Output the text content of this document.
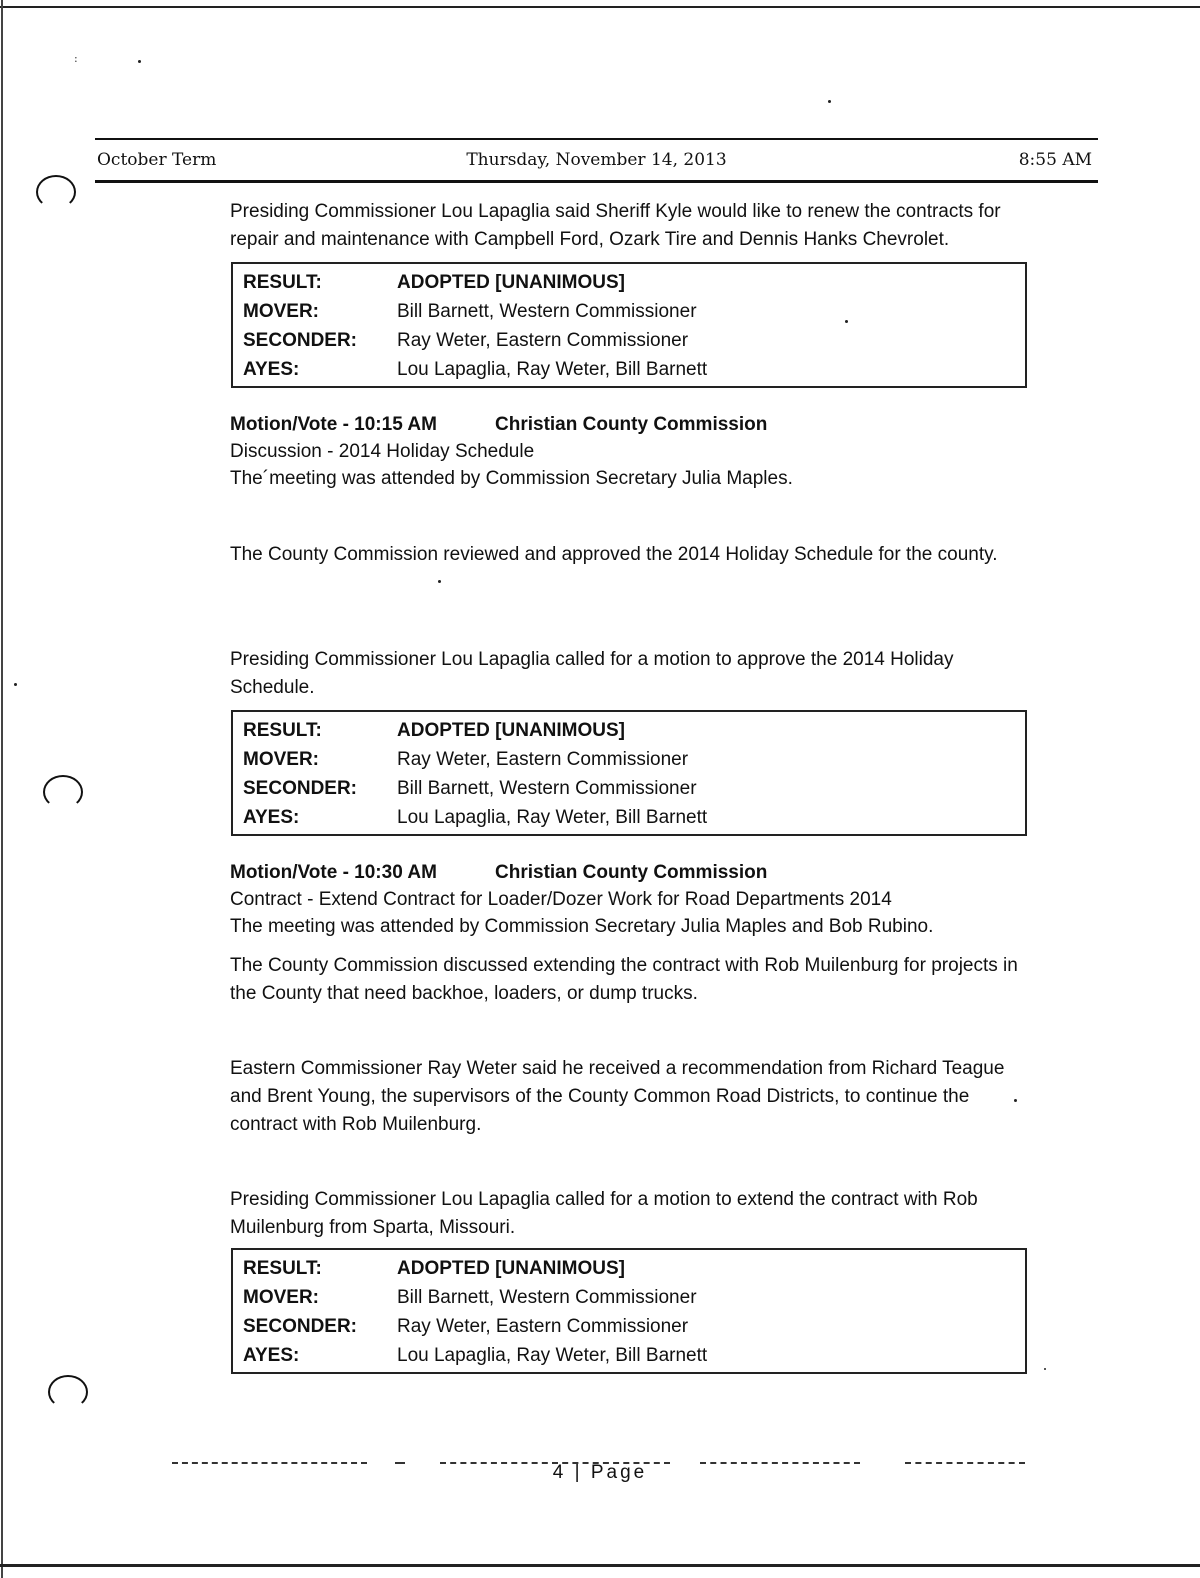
:
October Term	Thursday, November 14, 2013	8:55 AM
Presiding Commissioner Lou Lapaglia said Sheriff Kyle would like to renew the contracts for repair and maintenance with Campbell Ford, Ozark Tire and Dennis Hanks Chevrolet.
RESULT:	ADOPTED [UNANIMOUS]
MOVER:	Bill Barnett, Western Commissioner
SECONDER: Ray Weter, Eastern Commissioner
AYES:	Lou Lapaglia, Ray Weter, Bill Barnett
Motion/Vote - 10:15 AM	Christian County Commission
Discussion - 2014 Holiday Schedule
The´meeting was attended by Commission Secretary Julia Maples.
The County Commission reviewed and approved the 2014 Holiday Schedule for the county.
Presiding Commissioner Lou Lapaglia called for a motion to approve the 2014 Holiday Schedule.
RESULT:	ADOPTED [UNANIMOUS]
MOVER:	Ray Weter, Eastern Commissioner
SECONDER: Bill Barnett, Western Commissioner
AYES:	Lou Lapaglia, Ray Weter, Bill Barnett
Motion/Vote - 10:30 AM	Christian County Commission
Contract - Extend Contract for Loader/Dozer Work for Road Departments 2014
The meeting was attended by Commission Secretary Julia Maples and Bob Rubino.
The County Commission discussed extending the contract with Rob Muilenburg for projects in the County that need backhoe, loaders, or dump trucks.
Eastern Commissioner Ray Weter said he received a recommendation from Richard Teague and Brent Young, the supervisors of the County Common Road Districts, to continue the contract with Rob Muilenburg.
Presiding Commissioner Lou Lapaglia called for a motion to extend the contract with Rob Muilenburg from Sparta, Missouri.
RESULT:	ADOPTED [UNANIMOUS]
MOVER:	Bill Barnett, Western Commissioner
SECONDER: Ray Weter, Eastern Commissioner
AYES:	Lou Lapaglia, Ray Weter, Bill Barnett
4 | Page
